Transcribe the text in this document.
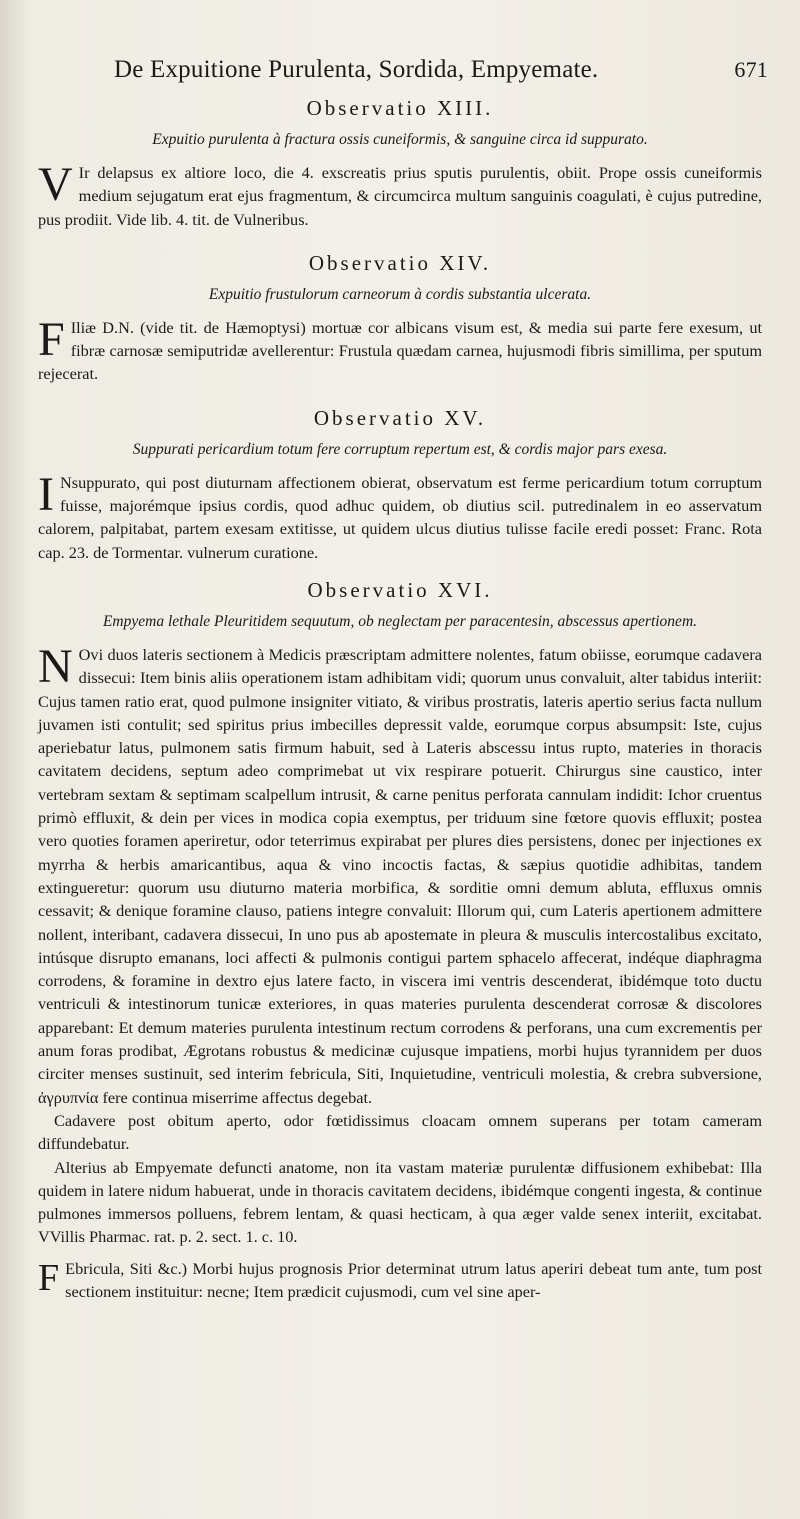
De Expuitione Purulenta, Sordida, Empyemate.	671
Observatio XIII.
Expuitio purulenta à fractura ossis cuneiformis, & sanguine circa id suppurato.

V Ir delapsus ex altiore loco, die 4. exscreatis prius sputis purulentis, obiit. Prope ossis cuneiformis medium sejugatum erat ejus fragmentum, & circumcirca multum sanguinis coagulati, è cujus putredine, pus prodiit. Vide lib. 4. tit. de Vulneribus.

Observatio XIV.
Expuitio frustulorum carneorum à cordis substantia ulcerata.

F Iliæ D.N. (vide tit. de Hæmoptysi) mortuæ cor albicans visum est, & media sui parte fere exesum, ut fibræ carnosæ semiputridæ avellerentur: Frustula quædam carnea, hujusmodi fibris simillima, per sputum rejecerat.

Observatio XV.
Suppurati pericardium totum fere corruptum repertum est, & cordis major pars exesa.

I Nsuppurato, qui post diuturnam affectionem obierat, observatum est ferme pericardium totum corruptum fuisse, majorémque ipsius cordis, quod adhuc quidem, ob diutius scil. putredinalem in eo asservatum calorem, palpitabat, partem exesam extitisse, ut quidem ulcus diutius tulisse facile eredi posset: Franc. Rota cap. 23. de Tormentar. vulnerum curatione.

Observatio XVI.
Empyema lethale Pleuritidem sequutum, ob neglectam per paracentesin, abscessus apertionem.

N Ovi duos lateris sectionem à Medicis præscriptam admittere nolentes, fatum obiisse, eorumque cadavera dissecui: Item binis aliis operationem istam adhibitam vidi; quorum unus convaluit, alter tabidus interiit: Cujus tamen ratio erat, quod pulmone insigniter vitiato, & viribus prostratis, lateris apertio serius facta nullum juvamen isti contulit; sed spiritus prius imbecilles depressit valde, eorumque corpus absumpsit: Iste, cujus aperiebatur latus, pulmonem satis firmum habuit, sed à Lateris abscessu intus rupto, materies in thoracis cavitatem decidens, septum adeo comprimebat ut vix respirare potuerit. Chirurgus sine caustico, inter vertebram sextam & septimam scalpellum intrusit, & carne penitus perforata cannulam indidit: Ichor cruentus primò effluxit, & dein per vices in modica copia exemptus, per triduum sine fœtore quovis effluxit; postea vero quoties foramen aperiretur, odor teterrimus expirabat per plures dies persistens, donec per injectiones ex myrrha & herbis amaricantibus, aqua & vino incoctis factas, & sæpius quotidie adhibitas, tandem extingueretur: quorum usu diuturno materia morbifica, & sorditie omni demum abluta, effluxus omnis cessavit; & denique foramine clauso, patiens integre convaluit: Illorum qui, cum Lateris apertionem admittere nollent, interibant, cadavera dissecui, In uno pus ab apostemate in pleura & musculis intercostalibus excitato, intúsque disrupto emanans, loci affecti & pulmonis contigui partem sphacelo affecerat, indéque diaphragma corrodens, & foramine in dextro ejus latere facto, in viscera imi ventris descenderat, ibidémque toto ductu ventriculi & intestinorum tunicæ exteriores, in quas materies purulenta descenderat corrosæ & discolores apparebant: Et demum materies purulenta intestinum rectum corrodens & perforans, una cum excrementis per anum foras prodibat, Ægrotans robustus & medicinæ cujusque impatiens, morbi hujus tyrannidem per duos circiter menses sustinuit, sed interim febricula, Siti, Inquietudine, ventriculi molestia, & crebra subversione, ἀγρυπνία fere continua miserrime affectus degebat.

Cadavere post obitum aperto, odor fœtidissimus cloacam omnem superans per totam cameram diffundebatur.

Alterius ab Empyemate defuncti anatome, non ita vastam materiæ purulentæ diffusionem exhibebat: Illa quidem in latere nidum habuerat, unde in thoracis cavitatem decidens, ibidémque congenti ingesta, & continue pulmones immersos polluens, febrem lentam, & quasi hecticam, à qua æger valde senex interiit, excitabat. VVillis Pharmac. rat. p. 2. sect. 1. c. 10.

F Ebricula, Siti &c.) Morbi hujus prognosis Prior determinat utrum latus aperiri debeat tum ante, tum post sectionem instituitur: necne; Item prædicit cujusmodi, cum vel sine aper-
